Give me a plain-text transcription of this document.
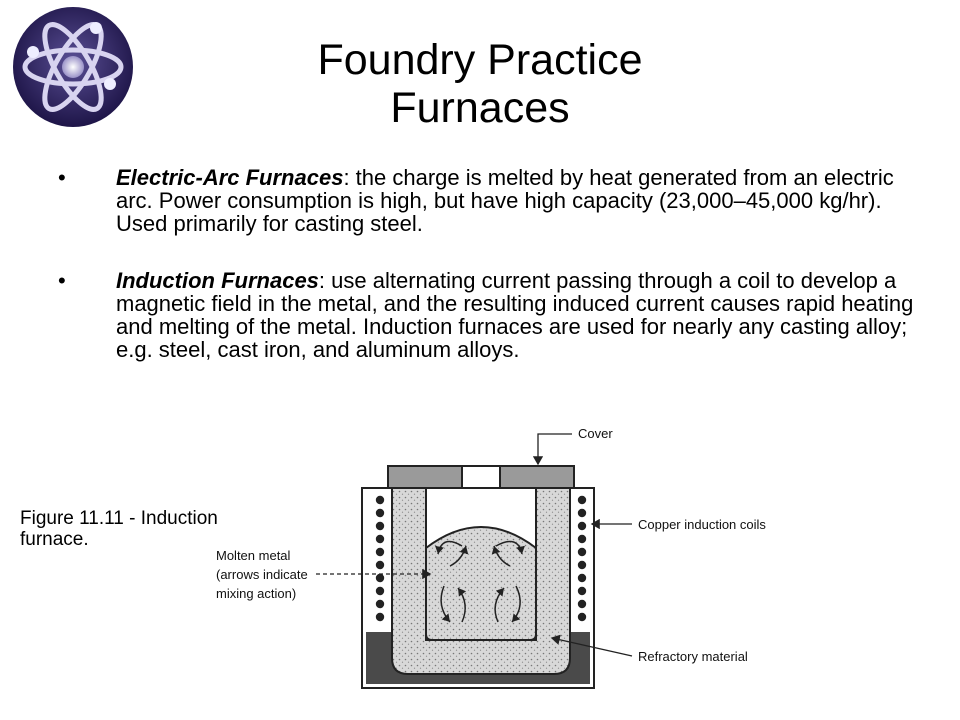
Foundry Practice
Furnaces
• Electric-Arc Furnaces: the charge is melted by heat generated from an electric arc. Power consumption is high, but have high capacity (23,000–45,000 kg/hr). Used primarily for casting steel.
• Induction Furnaces: use alternating current passing through a coil to develop a magnetic field in the metal, and the resulting induced current causes rapid heating and melting of the metal. Induction furnaces are used for nearly any casting alloy; e.g. steel, cast iron, and aluminum alloys.
Figure 11.11 - Induction furnace.
Cover
Copper induction coils
Molten metal
(arrows indicate
mixing action)
Refractory material
